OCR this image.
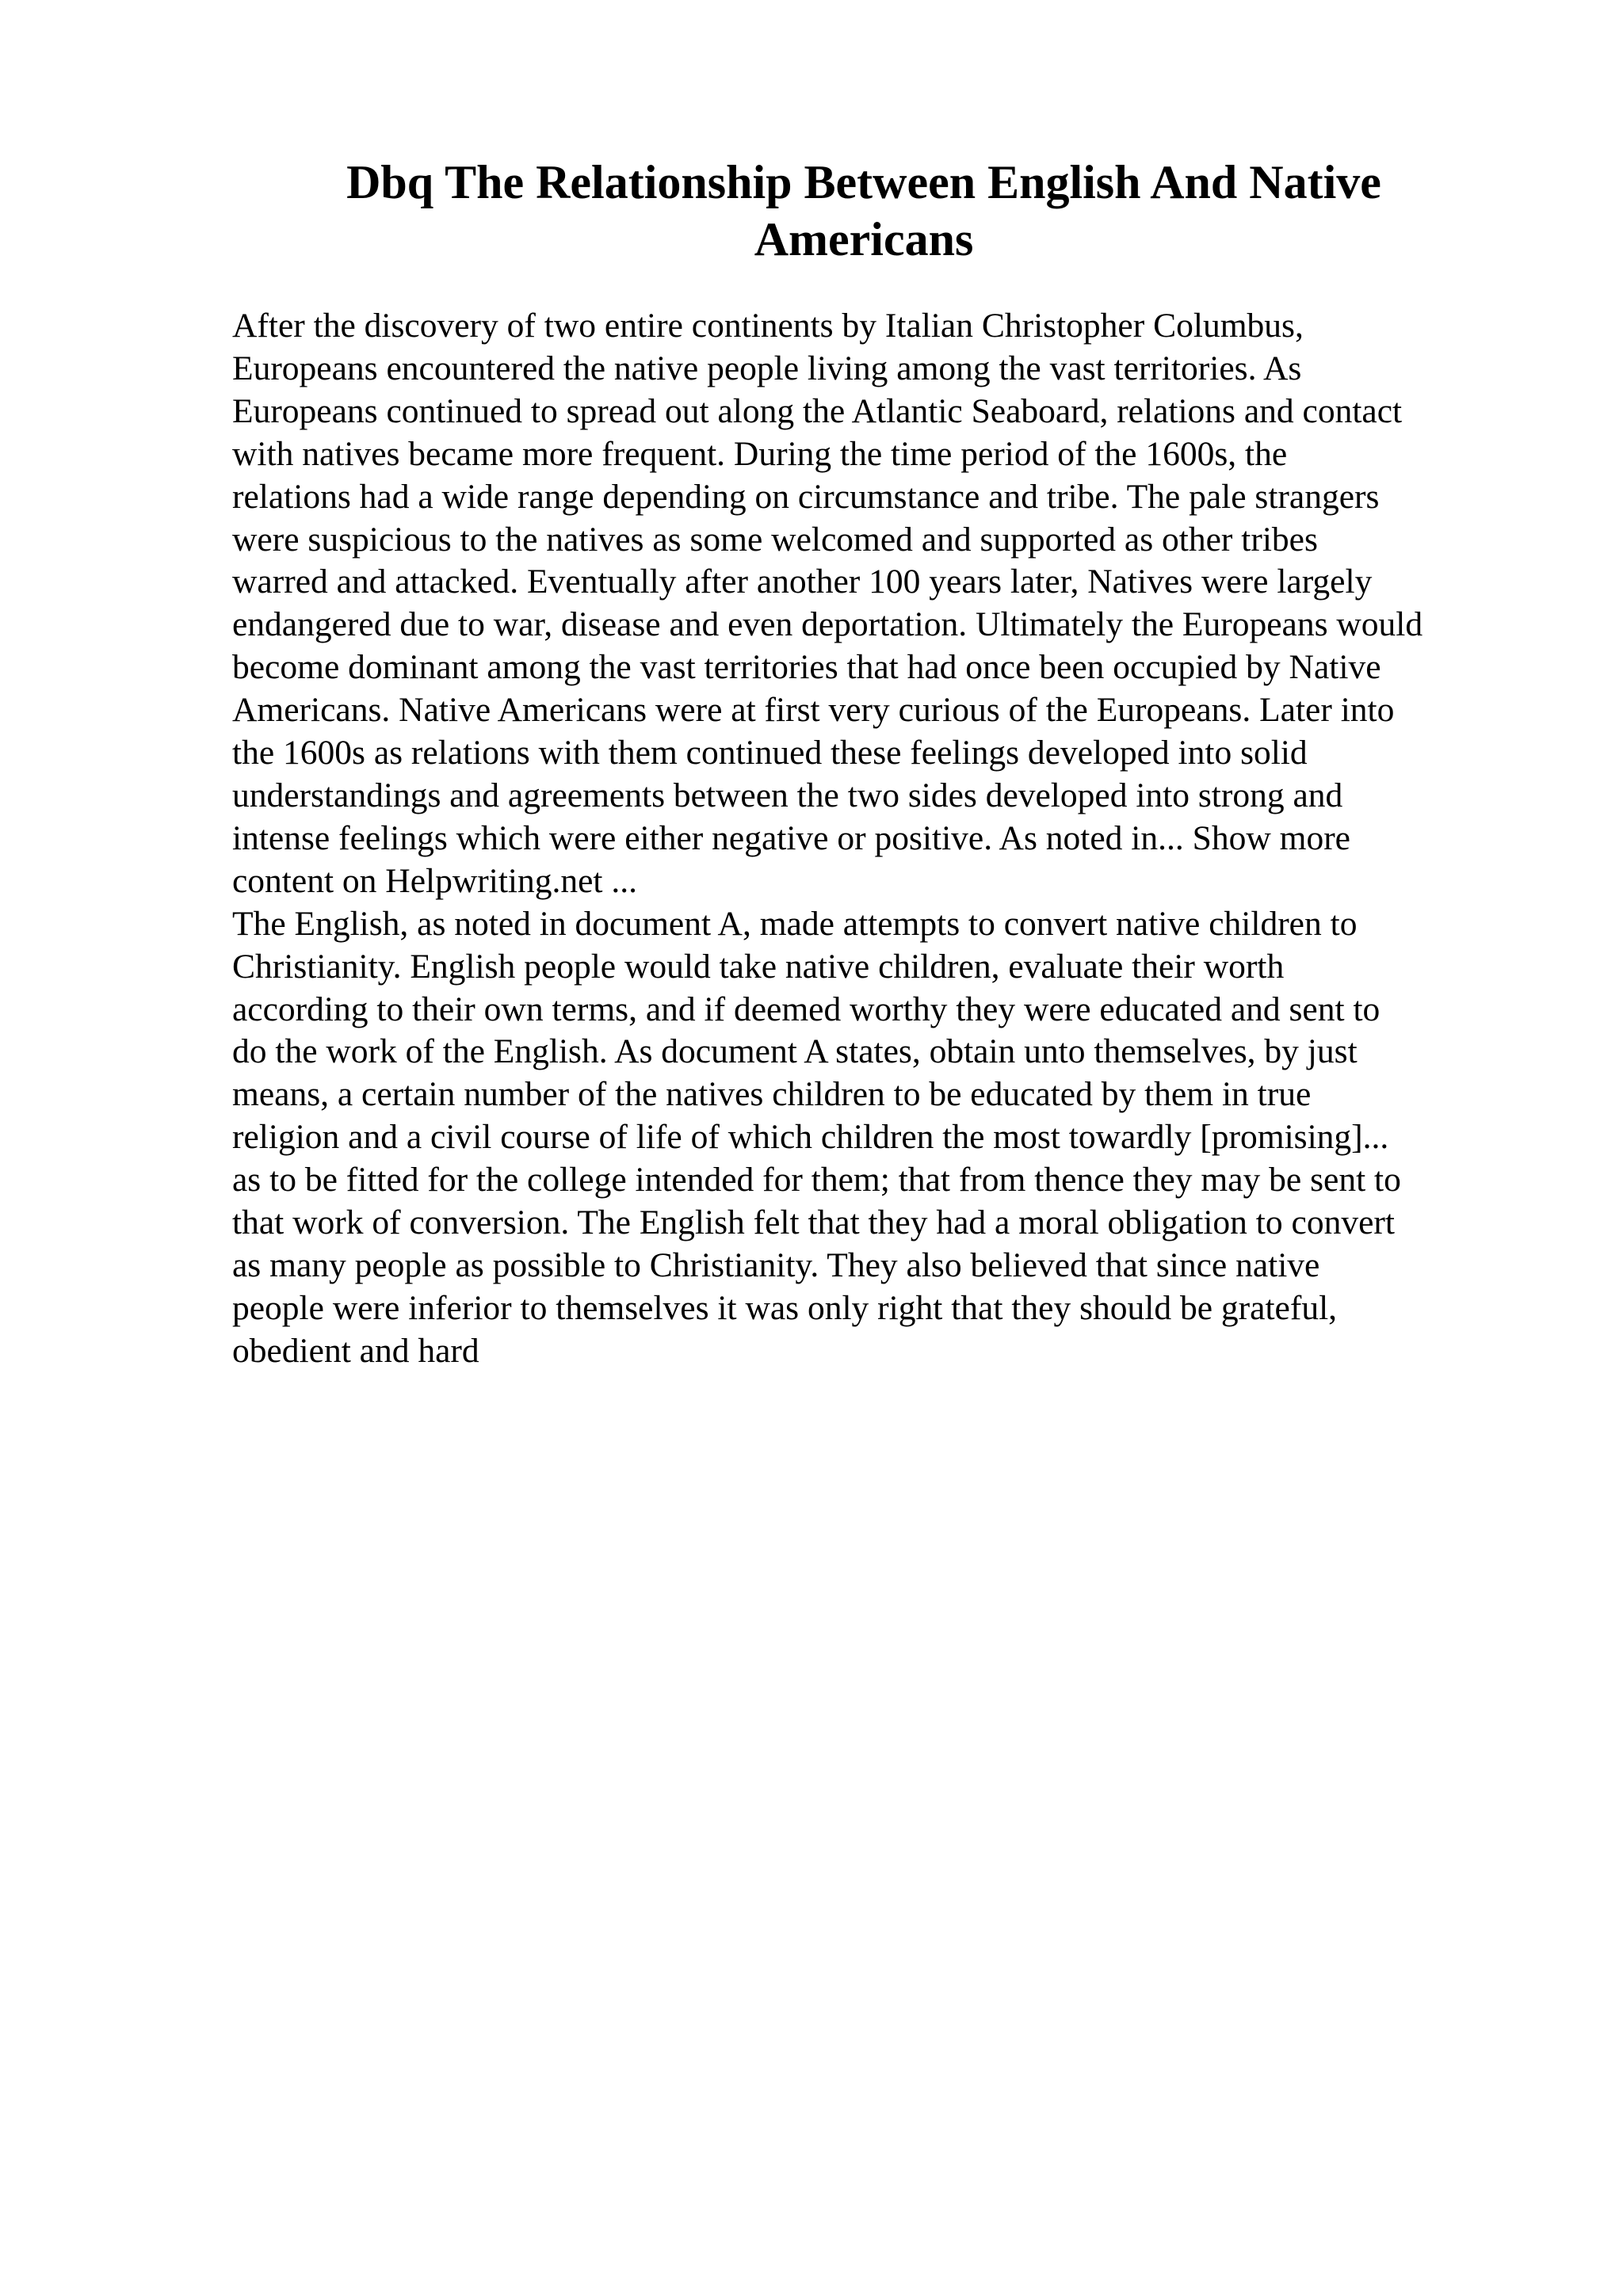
Dbq The Relationship Between English And Native
Americans
After the discovery of two entire continents by Italian Christopher Columbus,
Europeans encountered the native people living among the vast territories. As
Europeans continued to spread out along the Atlantic Seaboard, relations and contact
with natives became more frequent. During the time period of the 1600s, the
relations had a wide range depending on circumstance and tribe. The pale strangers
were suspicious to the natives as some welcomed and supported as other tribes
warred and attacked. Eventually after another 100 years later, Natives were largely
endangered due to war, disease and even deportation. Ultimately the Europeans would
become dominant among the vast territories that had once been occupied by Native
Americans. Native Americans were at first very curious of the Europeans. Later into
the 1600s as relations with them continued these feelings developed into solid
understandings and agreements between the two sides developed into strong and
intense feelings which were either negative or positive. As noted in... Show more
content on Helpwriting.net ...
The English, as noted in document A, made attempts to convert native children to
Christianity. English people would take native children, evaluate their worth
according to their own terms, and if deemed worthy they were educated and sent to
do the work of the English. As document A states, obtain unto themselves, by just
means, a certain number of the natives children to be educated by them in true
religion and a civil course of life of which children the most towardly [promising]...
as to be fitted for the college intended for them; that from thence they may be sent to
that work of conversion. The English felt that they had a moral obligation to convert
as many people as possible to Christianity. They also believed that since native
people were inferior to themselves it was only right that they should be grateful,
obedient and hard
